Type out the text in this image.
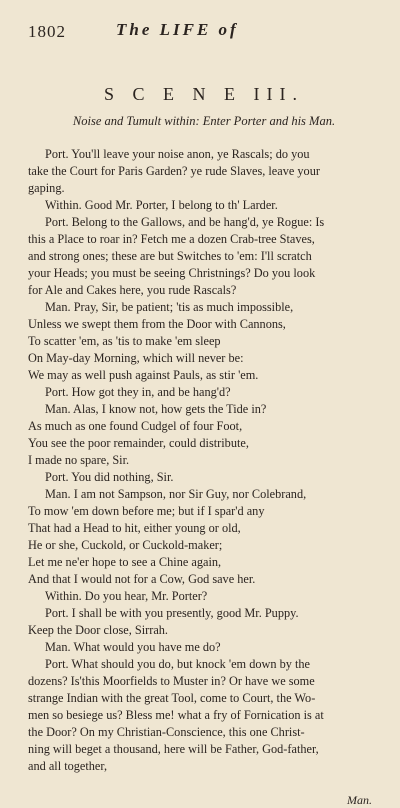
1802	The LIFE of
S C E N E III.
Noise and Tumult within: Enter Porter and his Man.
Port. You'll leave your noise anon, ye Rascals; do you
take the Court for Paris Garden? ye rude Slaves, leave your
gaping.
Within. Good Mr. Porter, I belong to th' Larder.
Port. Belong to the Gallows, and be hang'd, ye Rogue: Is
this a Place to roar in? Fetch me a dozen Crab-tree Staves,
and strong ones; these are but Switches to 'em: I'll scratch
your Heads; you must be seeing Christnings? Do you look
for Ale and Cakes here, you rude Rascals?
Man. Pray, Sir, be patient; 'tis as much impossible,
Unless we swept them from the Door with Cannons,
To scatter 'em, as 'tis to make 'em sleep
On May-day Morning, which will never be:
We may as well push against Pauls, as stir 'em.
Port. How got they in, and be hang'd?
Man. Alas, I know not, how gets the Tide in?
As much as one found Cudgel of four Foot,
You see the poor remainder, could distribute,
I made no spare, Sir.
Port. You did nothing, Sir.
Man. I am not Sampson, nor Sir Guy, nor Colebrand,
To mow 'em down before me; but if I spar'd any
That had a Head to hit, either young or old,
He or she, Cuckold, or Cuckold-maker;
Let me ne'er hope to see a Chine again,
And that I would not for a Cow, God save her.
Within. Do you hear, Mr. Porter?
Port. I shall be with you presently, good Mr. Puppy.
Keep the Door close, Sirrah.
Man. What would you have me do?
Port. What should you do, but knock 'em down by the
dozens? Is'this Moorfields to Muster in? Or have we some
strange Indian with the great Tool, come to Court, the Wo-
men so besiege us? Bless me! what a fry of Fornication is at
the Door? On my Christian-Conscience, this one Christ-
ning will beget a thousand, here will be Father, God-father,
and all together,
Man.
